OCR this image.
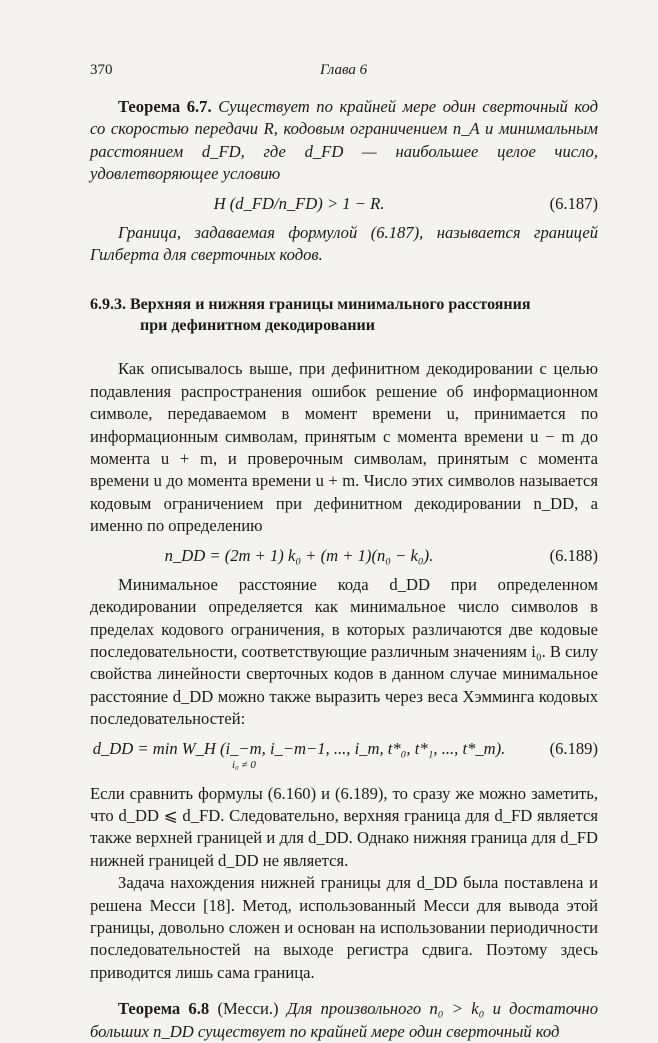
370	Глава 6

Теорема 6.7. Существует по крайней мере один сверточный код со скоростью передачи R, кодовым ограничением n_A и минимальным расстоянием d_FD, где d_FD — наибольшее целое число, удовлетворяющее условию

H (d_FD/n_FD) > 1 − R.	(6.187)

Граница, задаваемая формулой (6.187), называется границей Гилберта для сверточных кодов.

6.9.3. Верхняя и нижняя границы минимального расстояния
при дефинитном декодировании

Как описывалось выше, при дефинитном декодировании с целью подавления распространения ошибок решение об информационном символе, передаваемом в момент времени u, принимается по информационным символам, принятым с момента времени u − m до момента u + m, и проверочным символам, принятым с момента времени u до момента времени u + m. Число этих символов называется кодовым ограничением при дефинитном декодировании n_DD, а именно по определению

n_DD = (2m + 1) k₀ + (m + 1)(n₀ − k₀).	(6.188)

Минимальное расстояние кода d_DD при определенном декодировании определяется как минимальное число символов в пределах кодового ограничения, в которых различаются две кодовые последовательности, соответствующие различным значениям i₀. В силу свойства линейности сверточных кодов в данном случае минимальное расстояние d_DD можно также выразить через веса Хэмминга кодовых последовательностей:

d_DD = min W_H (i_−m, i_−m−1, ..., i_m, t*₀, t*₁, ..., t*_m).	(6.189)
i₀ ≠ 0

Если сравнить формулы (6.160) и (6.189), то сразу же можно заметить, что d_DD ⩽ d_FD. Следовательно, верхняя граница для d_FD является также верхней границей и для d_DD. Однако нижняя граница для d_FD нижней границей d_DD не является.

Задача нахождения нижней границы для d_DD была поставлена и решена Месси [18]. Метод, использованный Месси для вывода этой границы, довольно сложен и основан на использовании периодичности последовательностей на выходе регистра сдвига. Поэтому здесь приводится лишь сама граница.

Теорема 6.8 (Месси.) Для произвольного n₀ > k₀ и достаточно больших n_DD существует по крайней мере один сверточный код
